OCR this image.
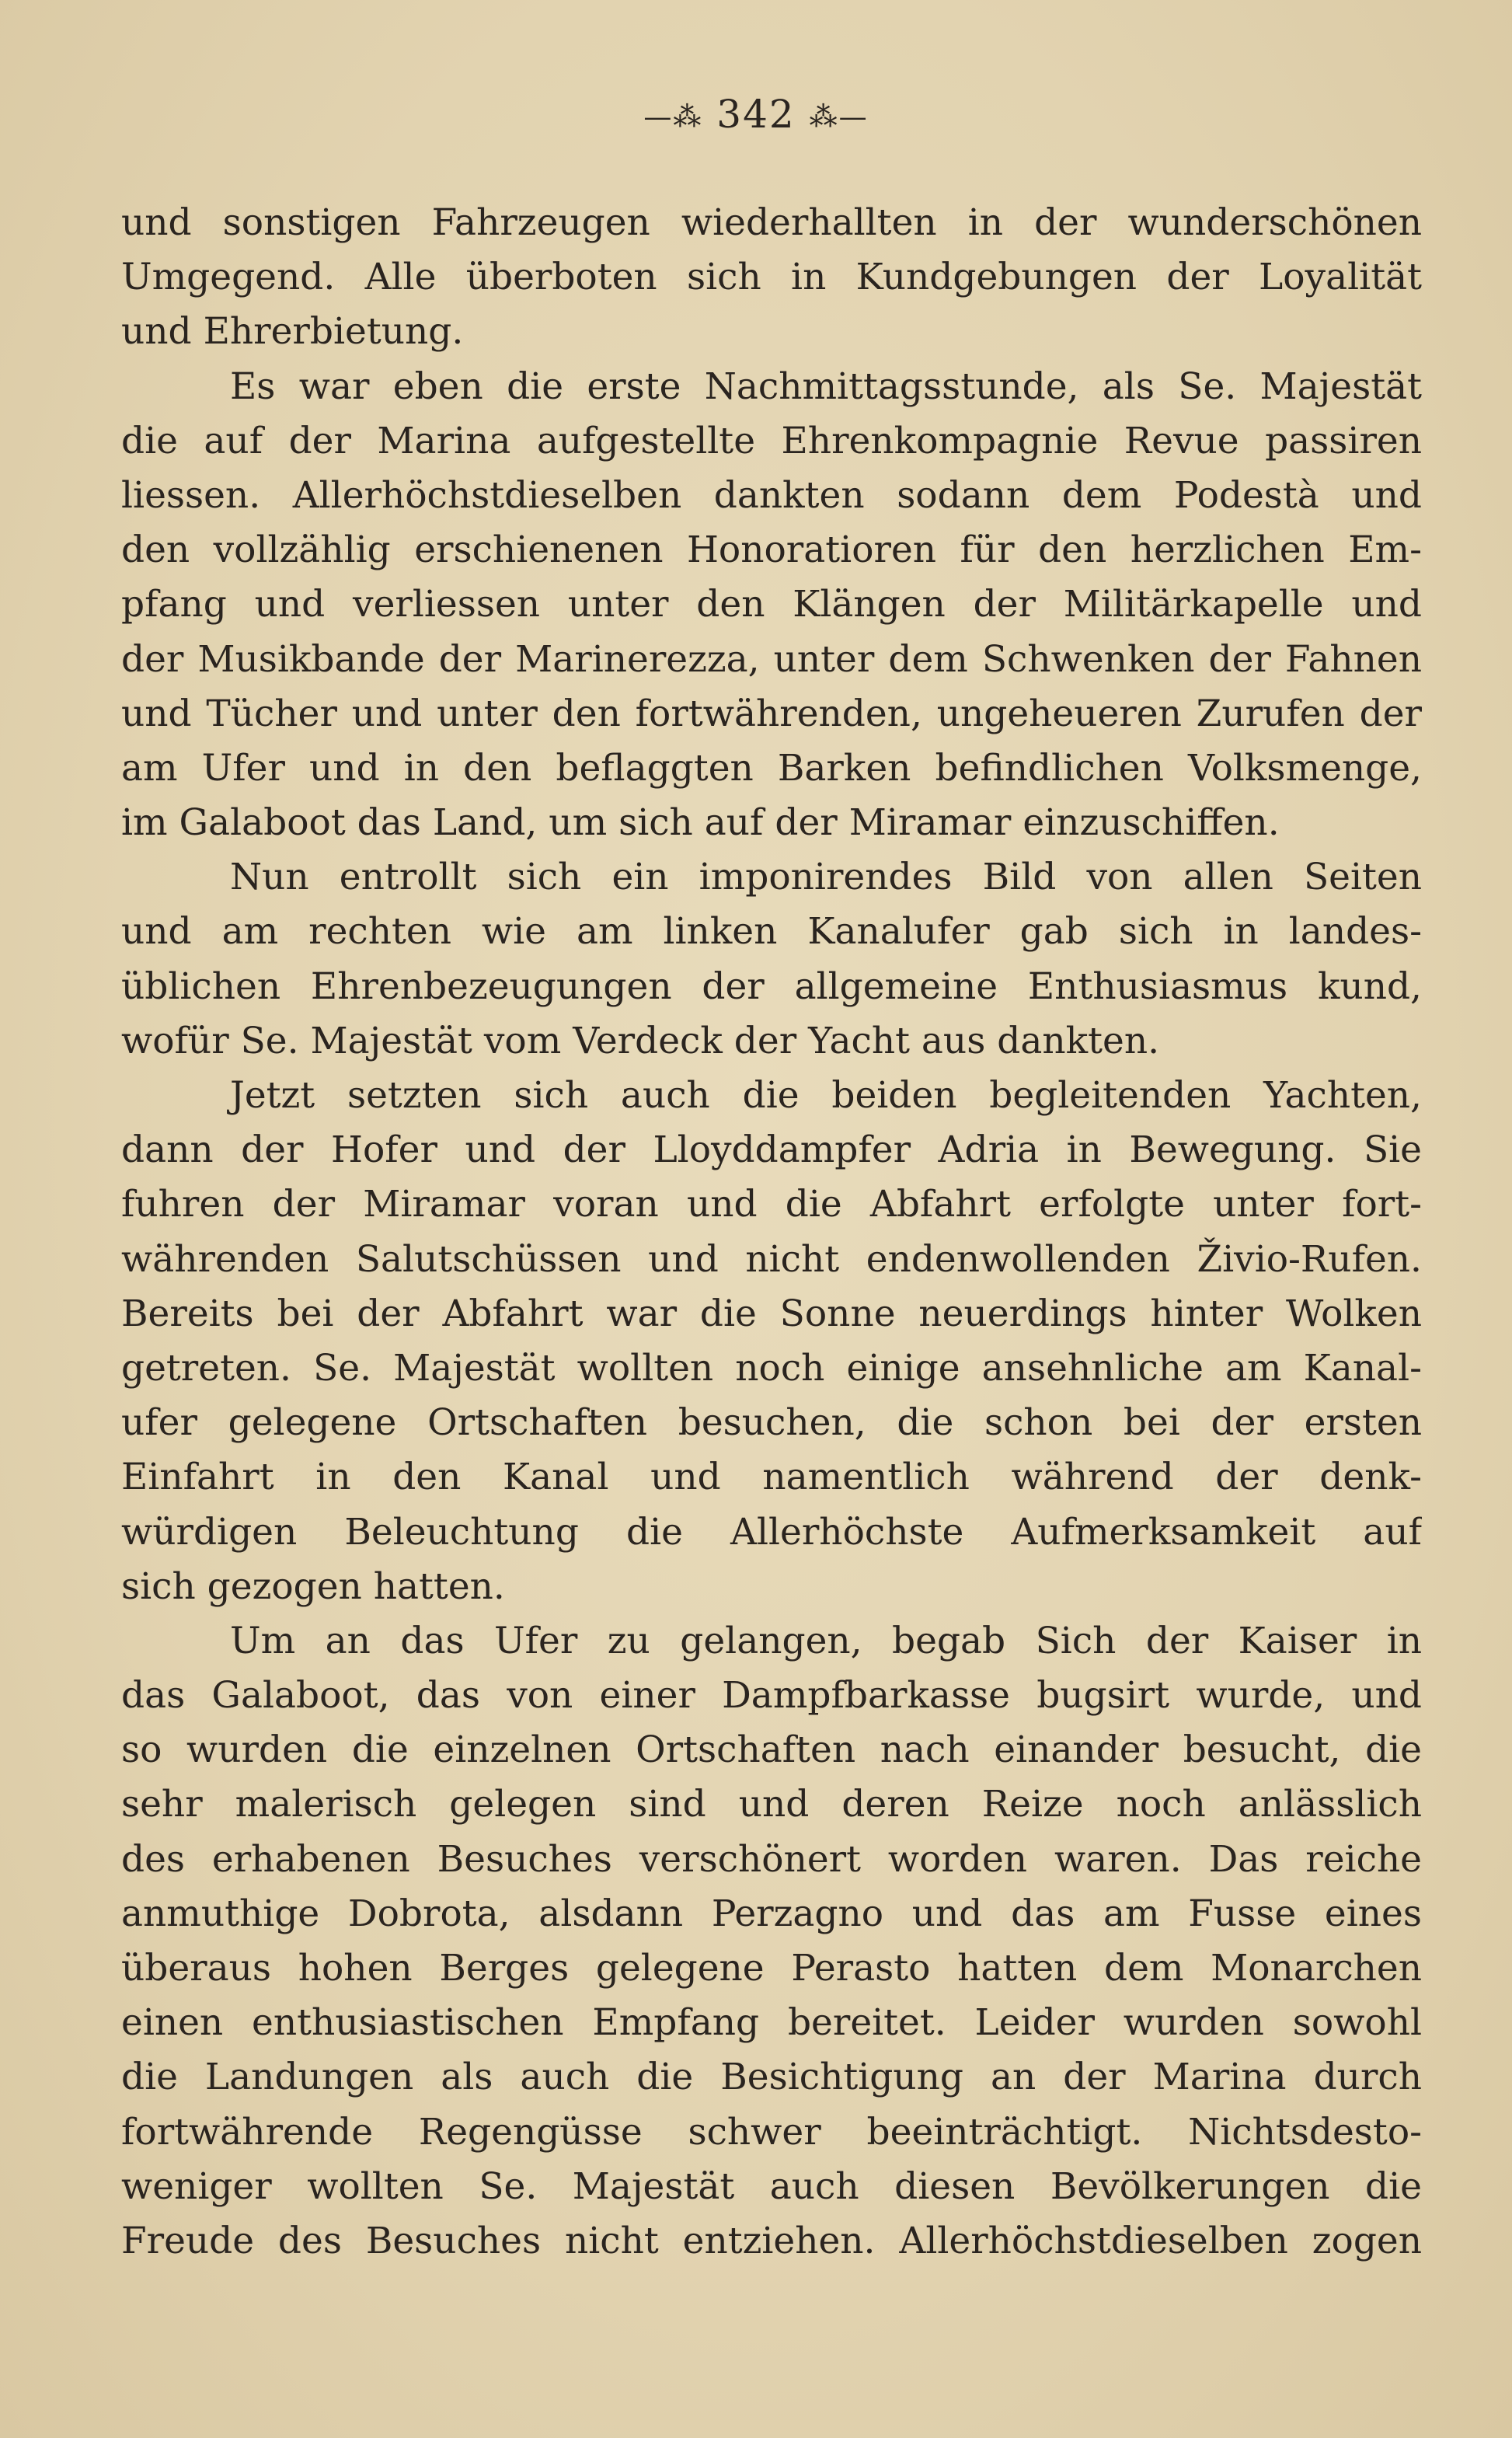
—⁂ 342 ⁂—
und sonstigen Fahrzeugen wiederhallten in der wunderschönen
Umgegend. Alle überboten sich in Kundgebungen der Loyalität
und Ehrerbietung.
Es war eben die erste Nachmittagsstunde, als Se. Majestät
die auf der Marina aufgestellte Ehrenkompagnie Revue passiren
liessen. Allerhöchstdieselben dankten sodann dem Podestà und
den vollzählig erschienenen Honoratioren für den herzlichen Em-
pfang und verliessen unter den Klängen der Militärkapelle und
der Musikbande der Marinerezza, unter dem Schwenken der Fahnen
und Tücher und unter den fortwährenden, ungeheueren Zurufen der
am Ufer und in den beflaggten Barken befindlichen Volksmenge,
im Galaboot das Land, um sich auf der Miramar einzuschiffen.
Nun entrollt sich ein imponirendes Bild von allen Seiten
und am rechten wie am linken Kanalufer gab sich in landes-
üblichen Ehrenbezeugungen der allgemeine Enthusiasmus kund,
wofür Se. Majestät vom Verdeck der Yacht aus dankten.
Jetzt setzten sich auch die beiden begleitenden Yachten,
dann der Hofer und der Lloyddampfer Adria in Bewegung. Sie
fuhren der Miramar voran und die Abfahrt erfolgte unter fort-
währenden Salutschüssen und nicht endenwollenden Živio-Rufen.
Bereits bei der Abfahrt war die Sonne neuerdings hinter Wolken
getreten. Se. Majestät wollten noch einige ansehnliche am Kanal-
ufer gelegene Ortschaften besuchen, die schon bei der ersten
Einfahrt in den Kanal und namentlich während der denk-
würdigen Beleuchtung die Allerhöchste Aufmerksamkeit auf
sich gezogen hatten.
Um an das Ufer zu gelangen, begab Sich der Kaiser in
das Galaboot, das von einer Dampfbarkasse bugsirt wurde, und
so wurden die einzelnen Ortschaften nach einander besucht, die
sehr malerisch gelegen sind und deren Reize noch anlässlich
des erhabenen Besuches verschönert worden waren. Das reiche
anmuthige Dobrota, alsdann Perzagno und das am Fusse eines
überaus hohen Berges gelegene Perasto hatten dem Monarchen
einen enthusiastischen Empfang bereitet. Leider wurden sowohl
die Landungen als auch die Besichtigung an der Marina durch
fortwährende Regengüsse schwer beeinträchtigt. Nichtsdesto-
weniger wollten Se. Majestät auch diesen Bevölkerungen die
Freude des Besuches nicht entziehen. Allerhöchstdieselben zogen
